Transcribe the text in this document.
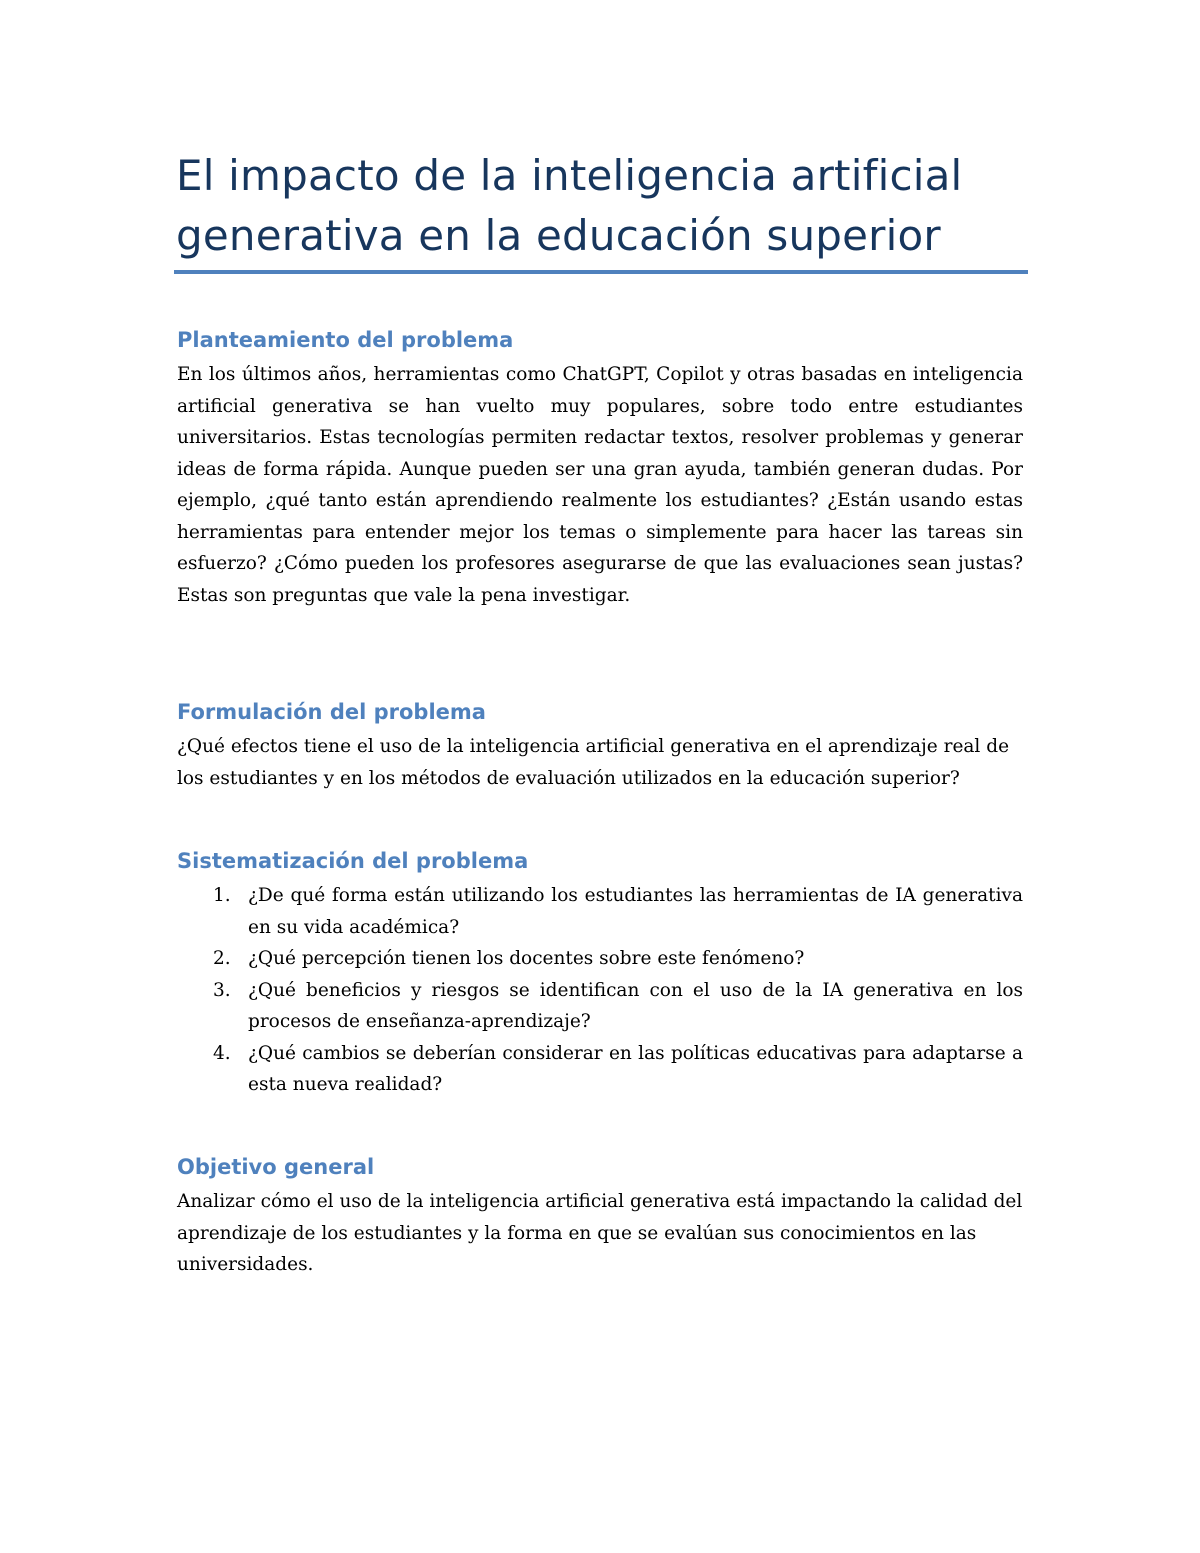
El impacto de la inteligencia artificial generativa en la educación superior
Planteamiento del problema

En los últimos años, herramientas como ChatGPT, Copilot y otras basadas en inteligencia artificial generativa se han vuelto muy populares, sobre todo entre estudiantes universitarios. Estas tecnologías permiten redactar textos, resolver problemas y generar ideas de forma rápida. Aunque pueden ser una gran ayuda, también generan dudas. Por ejemplo, ¿qué tanto están aprendiendo realmente los estudiantes? ¿Están usando estas herramientas para entender mejor los temas o simplemente para hacer las tareas sin esfuerzo? ¿Cómo pueden los profesores asegurarse de que las evaluaciones sean justas? Estas son preguntas que vale la pena investigar.

Formulación del problema

¿Qué efectos tiene el uso de la inteligencia artificial generativa en el aprendizaje real de los estudiantes y en los métodos de evaluación utilizados en la educación superior?

Sistematización del problema
1. ¿De qué forma están utilizando los estudiantes las herramientas de IA generativa en su vida académica?
2. ¿Qué percepción tienen los docentes sobre este fenómeno?
3. ¿Qué beneficios y riesgos se identifican con el uso de la IA generativa en los procesos de enseñanza-aprendizaje?
4. ¿Qué cambios se deberían considerar en las políticas educativas para adaptarse a esta nueva realidad?
Objetivo general

Analizar cómo el uso de la inteligencia artificial generativa está impactando la calidad del aprendizaje de los estudiantes y la forma en que se evalúan sus conocimientos en las universidades.
